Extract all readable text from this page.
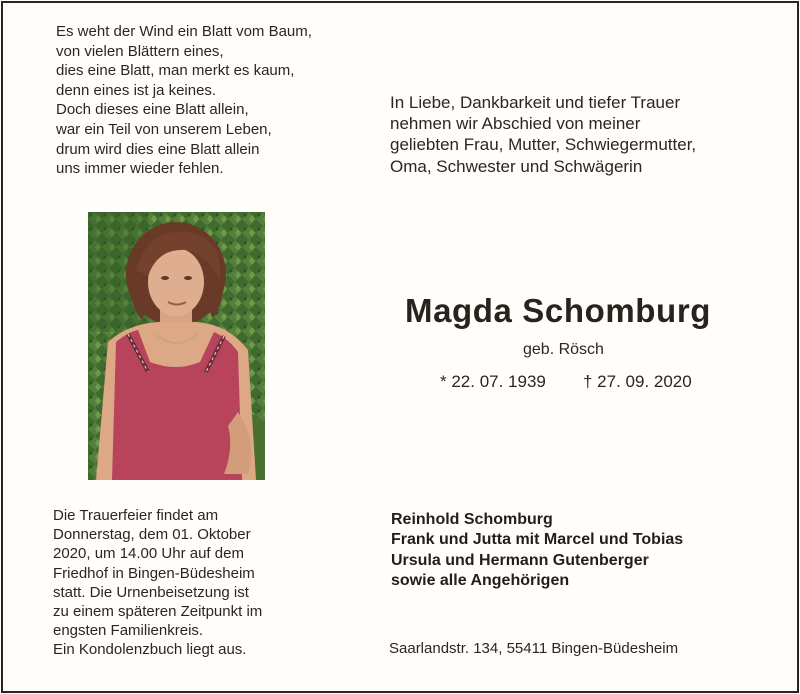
Es weht der Wind ein Blatt vom Baum,
von vielen Blättern eines,
dies eine Blatt, man merkt es kaum,
denn eines ist ja keines.
Doch dieses eine Blatt allein,
war ein Teil von unserem Leben,
drum wird dies eine Blatt allein
uns immer wieder fehlen.
In Liebe, Dankbarkeit und tiefer Trauer
nehmen wir Abschied von meiner
geliebten Frau, Mutter, Schwiegermutter,
Oma, Schwester und Schwägerin
Magda Schomburg
geb. Rösch
* 22. 07. 1939 † 27. 09. 2020
Die Trauerfeier findet am
Donnerstag, dem 01. Oktober
2020, um 14.00 Uhr auf dem
Friedhof in Bingen-Büdesheim
statt. Die Urnenbeisetzung ist
zu einem späteren Zeitpunkt im
engsten Familienkreis.
Ein Kondolenzbuch liegt aus.
Reinhold Schomburg
Frank und Jutta mit Marcel und Tobias
Ursula und Hermann Gutenberger
sowie alle Angehörigen
Saarlandstr. 134, 55411 Bingen-Büdesheim
